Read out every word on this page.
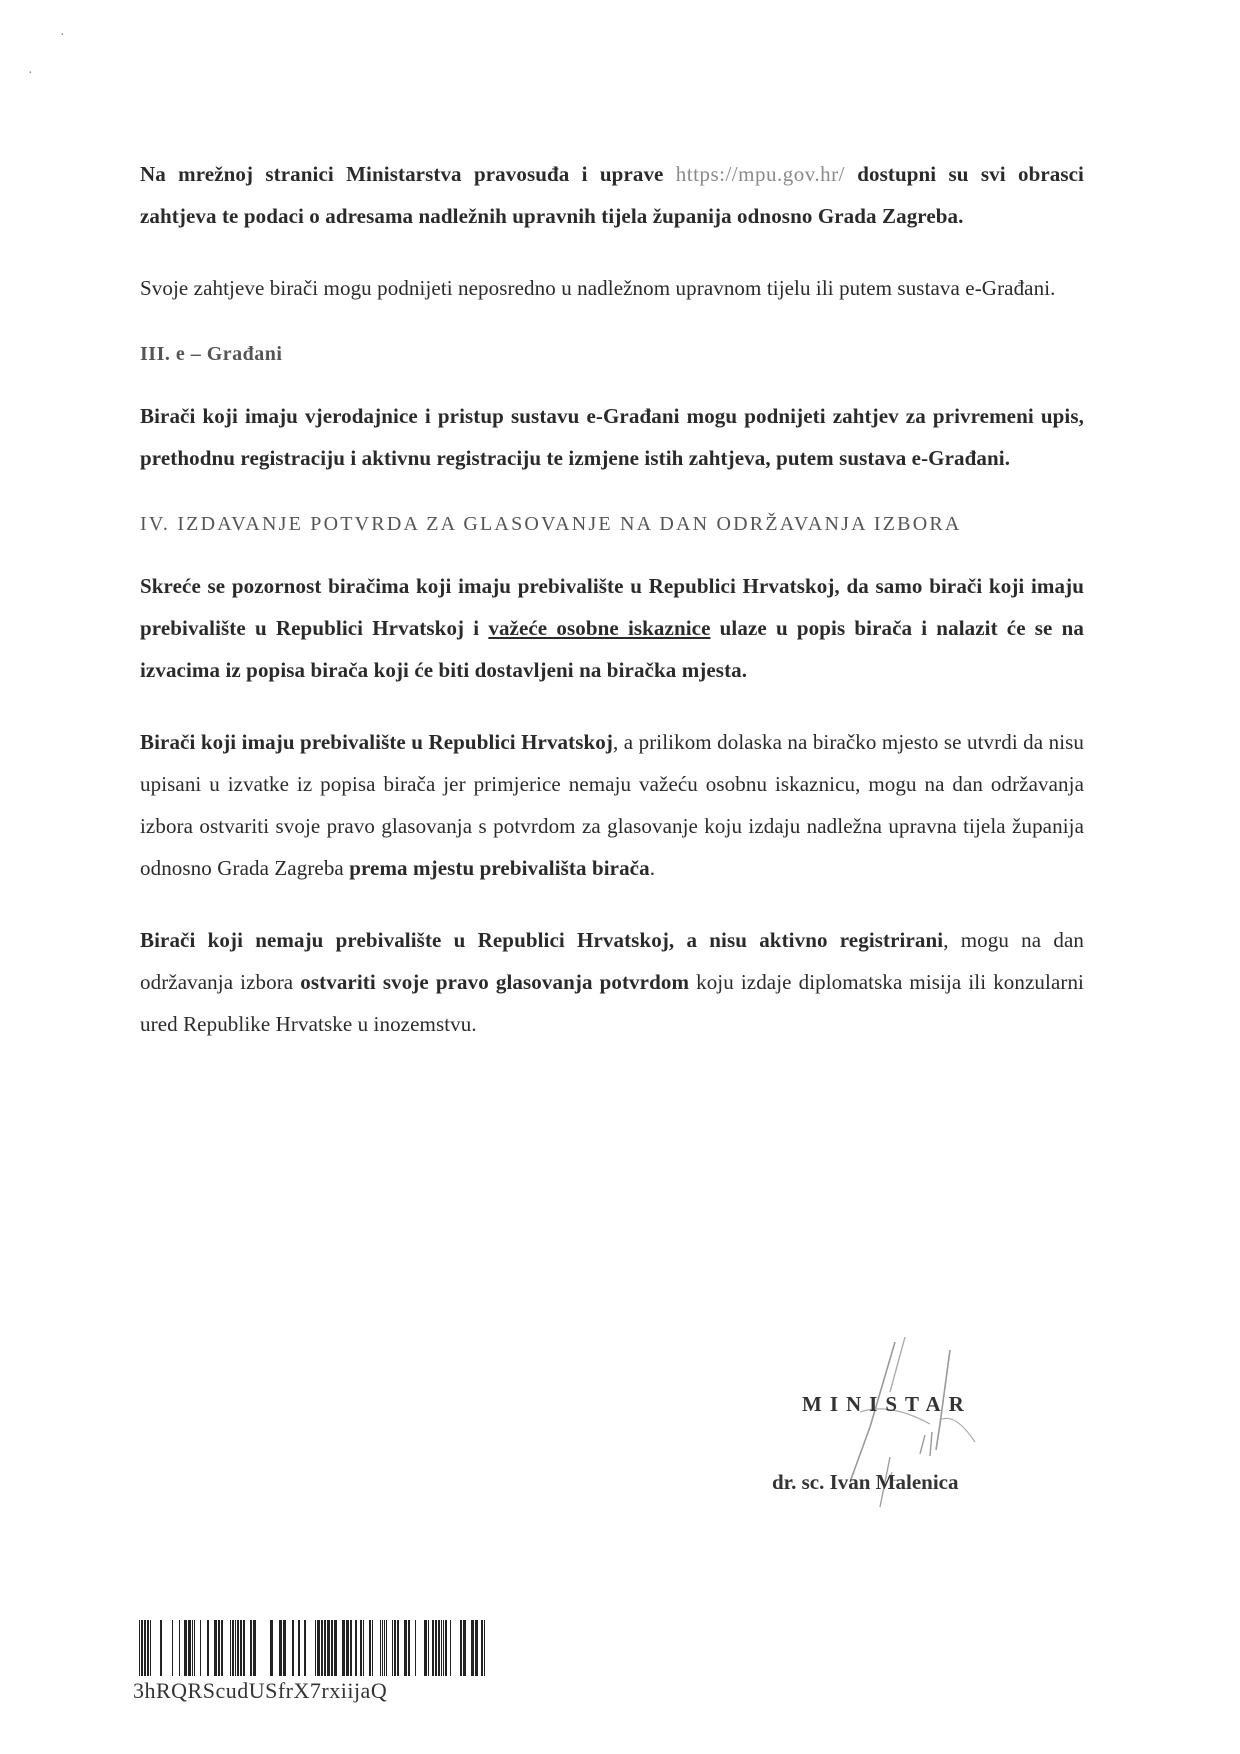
·
·

Na mrežnoj stranici Ministarstva pravosuđa i uprave https://mpu.gov.hr/ dostupni su svi obrasci zahtjeva te podaci o adresama nadležnih upravnih tijela županija odnosno Grada Zagreba.

Svoje zahtjeve birači mogu podnijeti neposredno u nadležnom upravnom tijelu ili putem sustava e-Građani.

III. e – Građani

Birači koji imaju vjerodajnice i pristup sustavu e-Građani mogu podnijeti zahtjev za privremeni upis, prethodnu registraciju i aktivnu registraciju te izmjene istih zahtjeva, putem sustava e-Građani.

IV. IZDAVANJE POTVRDA ZA GLASOVANJE NA DAN ODRŽAVANJA IZBORA

Skreće se pozornost biračima koji imaju prebivalište u Republici Hrvatskoj, da samo birači koji imaju prebivalište u Republici Hrvatskoj i važeće osobne iskaznice ulaze u popis birača i nalazit će se na izvacima iz popisa birača koji će biti dostavljeni na biračka mjesta.

Birači koji imaju prebivalište u Republici Hrvatskoj, a prilikom dolaska na biračko mjesto se utvrdi da nisu upisani u izvatke iz popisa birača jer primjerice nemaju važeću osobnu iskaznicu, mogu na dan održavanja izbora ostvariti svoje pravo glasovanja s potvrdom za glasovanje koju izdaju nadležna upravna tijela županija odnosno Grada Zagreba prema mjestu prebivališta birača.

Birači koji nemaju prebivalište u Republici Hrvatskoj, a nisu aktivno registrirani, mogu na dan održavanja izbora ostvariti svoje pravo glasovanja potvrdom koju izdaje diplomatska misija ili konzularni ured Republike Hrvatske u inozemstvu.

MINISTAR
dr. sc. Ivan Malenica
3hRQRScudUSfrX7rxiijaQ
